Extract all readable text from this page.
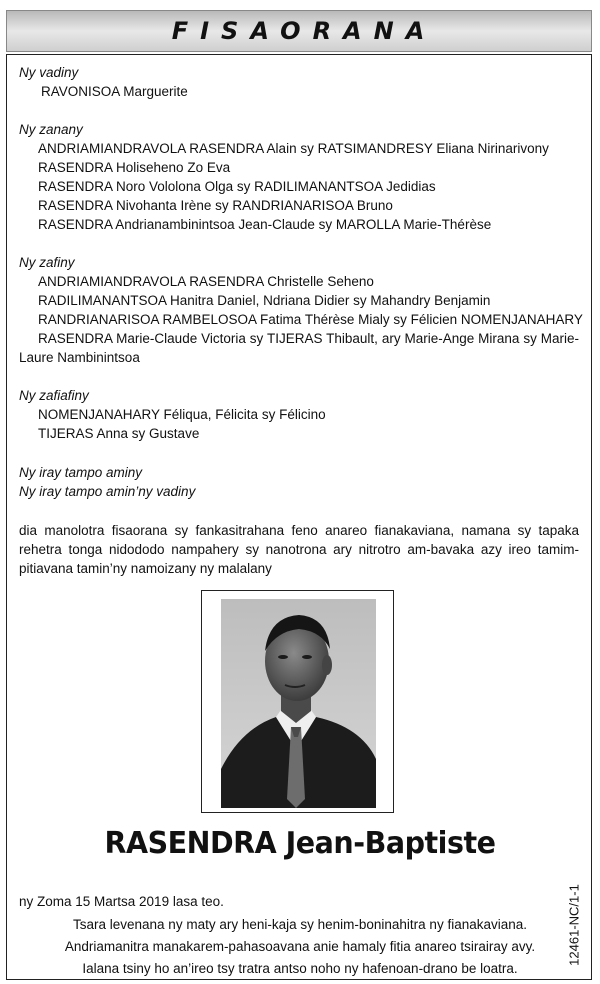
FISAORANA
Ny vadiny
RAVONISOA Marguerite
Ny zanany
ANDRIAMIANDRAVOLA RASENDRA Alain sy RATSIMANDRESY Eliana Nirinarivony
RASENDRA Holiseheno Zo Eva
RASENDRA Noro Vololona Olga sy RADILIMANANTSOA Jedidias
RASENDRA Nivohanta Irène sy RANDRIANARISOA Bruno
RASENDRA Andrianambinintsoa Jean-Claude sy MAROLLA Marie-Thérèse
Ny zafiny
ANDRIAMIANDRAVOLA RASENDRA Christelle Seheno
RADILIMANANTSOA Hanitra Daniel, Ndriana Didier sy Mahandry Benjamin
RANDRIANARISOA RAMBELOSOA Fatima Thérèse Mialy sy Félicien NOMENJANAHARY
RASENDRA Marie-Claude Victoria sy TIJERAS Thibault, ary Marie-Ange Mirana sy Marie-Laure Nambinintsoa
Ny zafiafiny
NOMENJANAHARY Féliqua, Félicita sy Félicino
TIJERAS Anna sy Gustave
Ny iray tampo aminy
Ny iray tampo amin’ny vadiny
dia manolotra fisaorana sy fankasitrahana feno anareo fianakaviana, namana sy tapaka rehetra tonga nidododo nampahery sy nanotrona ary nitrotro am-bavaka azy ireo tamim-pitiavana tamin’ny namoizany ny malalany
RASENDRA Jean-Baptiste
ny Zoma 15 Martsa 2019 lasa teo.
Tsara levenana ny maty ary heni-kaja sy henim-boninahitra ny fianakaviana.
Andriamanitra manakarem-pahasoavana anie hamaly fitia anareo tsirairay avy.
Ialana tsiny ho an’ireo tsy tratra antso noho ny hafenoan-drano be loatra.
12461-NC/1-1
